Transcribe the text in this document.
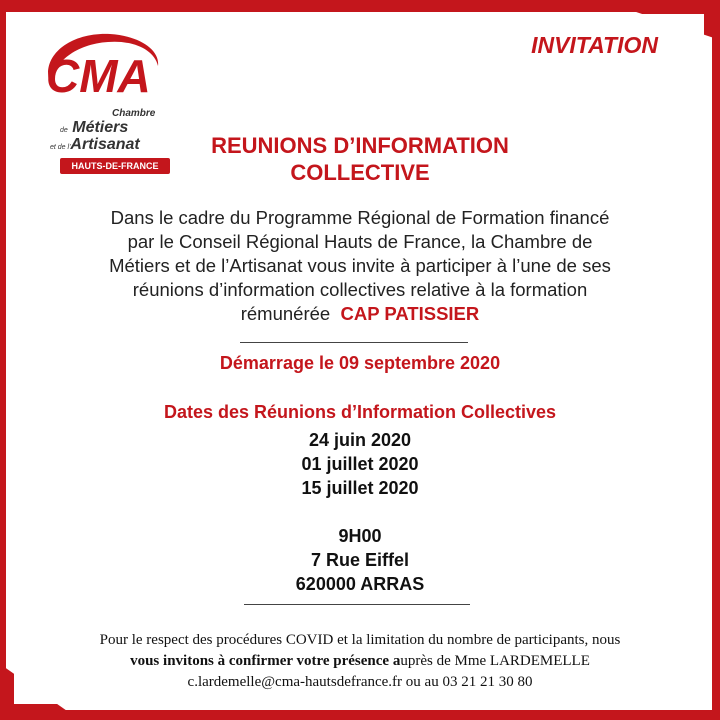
CMA
Chambre
de Métiers
et de l'Artisanat
HAUTS-DE-FRANCE
INVITATION
REUNIONS D’INFORMATION
COLLECTIVE
Dans le cadre du Programme Régional de Formation financé
par le Conseil Régional Hauts de France, la Chambre de
Métiers et de l’Artisanat vous invite à participer à l’une de ses
réunions d’information collectives relative à la formation
rémunérée CAP PATISSIER
Démarrage le 09 septembre 2020
Dates des Réunions d’Information Collectives
24 juin 2020
01 juillet 2020
15 juillet 2020
9H00
7 Rue Eiffel
620000 ARRAS
Pour le respect des procédures COVID et la limitation du nombre de participants, nous
vous invitons à confirmer votre présence auprès de Mme LARDEMELLE
c.lardemelle@cma-hautsdefrance.fr ou au 03 21 21 30 80
